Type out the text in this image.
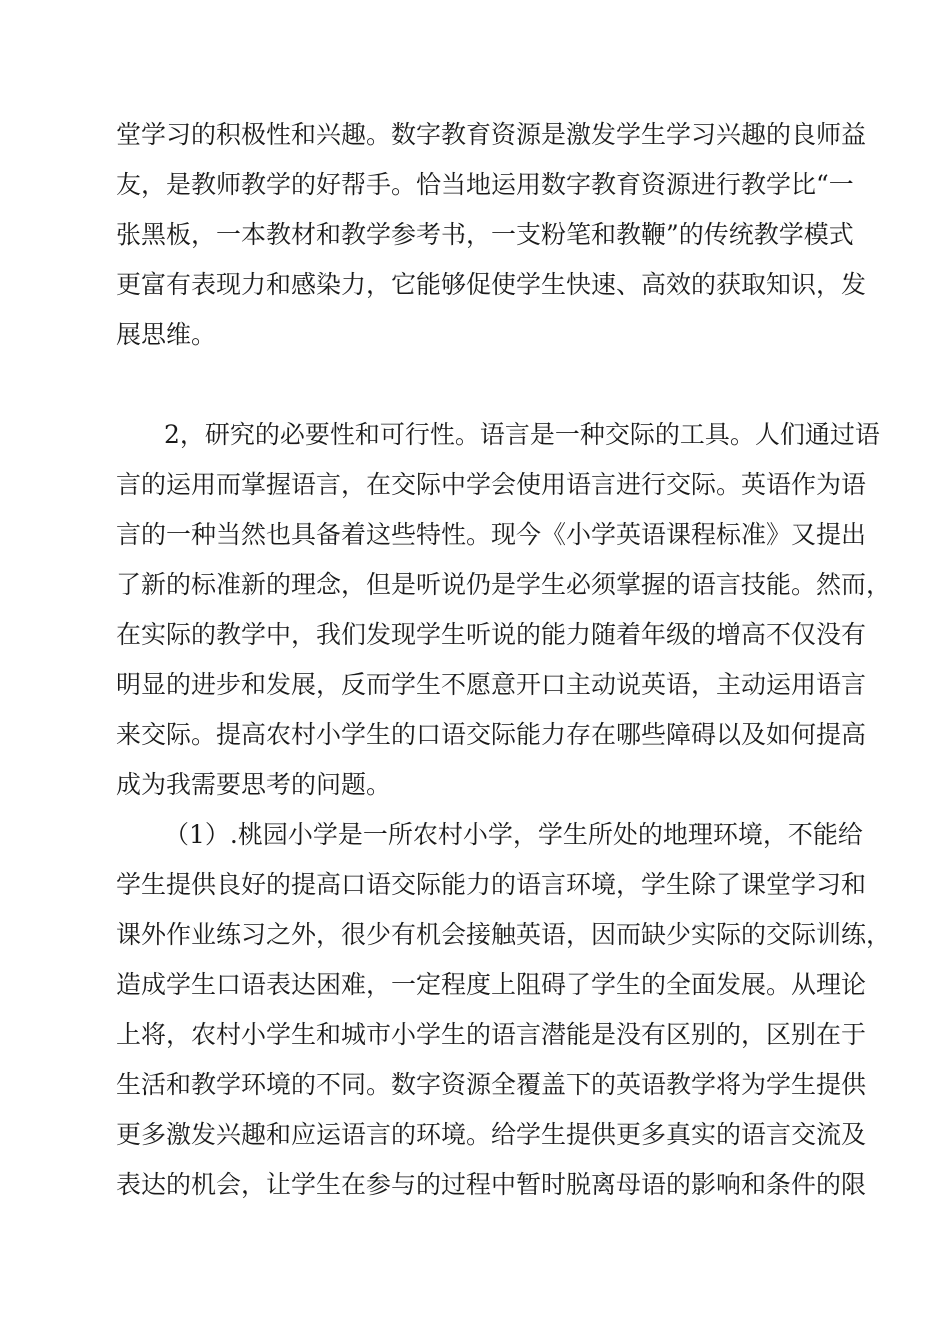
堂学习的积极性和兴趣。数字教育资源是激发学生学习兴趣的良师益
友，是教师教学的好帮手。恰当地运用数字教育资源进行教学比“一
张黑板，一本教材和教学参考书，一支粉笔和教鞭”的传统教学模式
更富有表现力和感染力，它能够促使学生快速、高效的获取知识，发
展思维。
2，研究的必要性和可行性。语言是一种交际的工具。人们通过语
言的运用而掌握语言，在交际中学会使用语言进行交际。英语作为语
言的一种当然也具备着这些特性。现今《小学英语课程标准》又提出
了新的标准新的理念，但是听说仍是学生必须掌握的语言技能。然而，
在实际的教学中，我们发现学生听说的能力随着年级的增高不仅没有
明显的进步和发展，反而学生不愿意开口主动说英语，主动运用语言
来交际。提高农村小学生的口语交际能力存在哪些障碍以及如何提高
成为我需要思考的问题。
（1）.桃园小学是一所农村小学，学生所处的地理环境，不能给
学生提供良好的提高口语交际能力的语言环境，学生除了课堂学习和
课外作业练习之外，很少有机会接触英语，因而缺少实际的交际训练，
造成学生口语表达困难，一定程度上阻碍了学生的全面发展。从理论
上将，农村小学生和城市小学生的语言潜能是没有区别的，区别在于
生活和教学环境的不同。数字资源全覆盖下的英语教学将为学生提供
更多激发兴趣和应运语言的环境。给学生提供更多真实的语言交流及
表达的机会，让学生在参与的过程中暂时脱离母语的影响和条件的限
